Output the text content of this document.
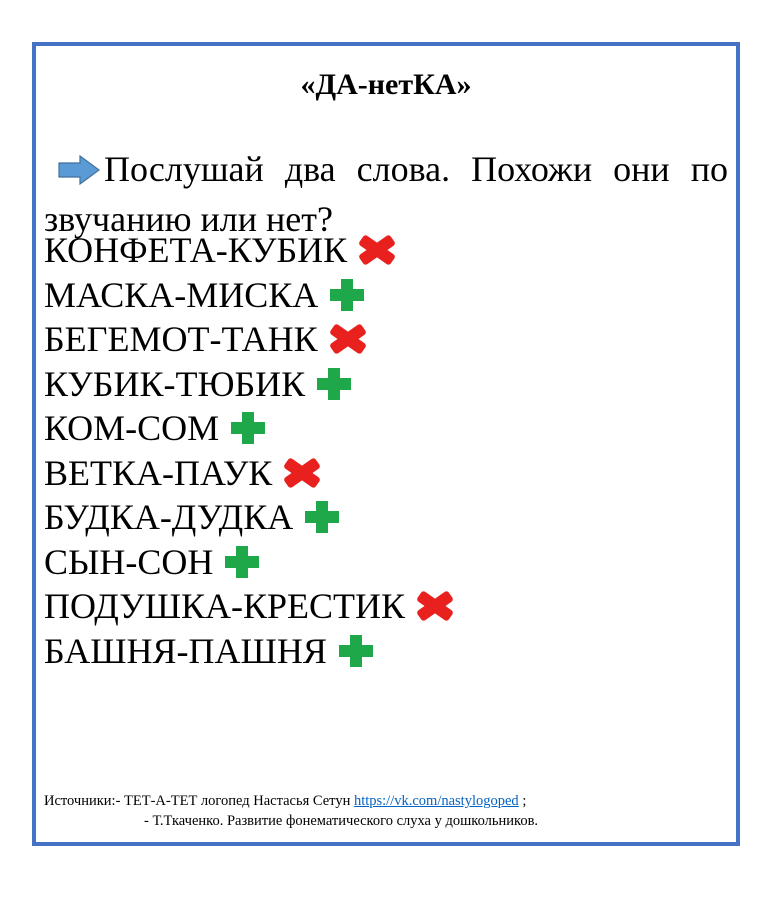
«ДА-нетКА»
Послушай два слова. Похожи они по звучанию или нет?
КОНФЕТА-КУБИК
МАСКА-МИСКА
БЕГЕМОТ-ТАНК
КУБИК-ТЮБИК
КОМ-СОМ
ВЕТКА-ПАУК
БУДКА-ДУДКА
СЫН-СОН
ПОДУШКА-КРЕСТИК
БАШНЯ-ПАШНЯ
Источники:- ТЕТ-А-ТЕТ логопед Настасья Сетун https://vk.com/nastylogoped ;
- Т.Ткаченко. Развитие фонематического слуха у дошкольников.
